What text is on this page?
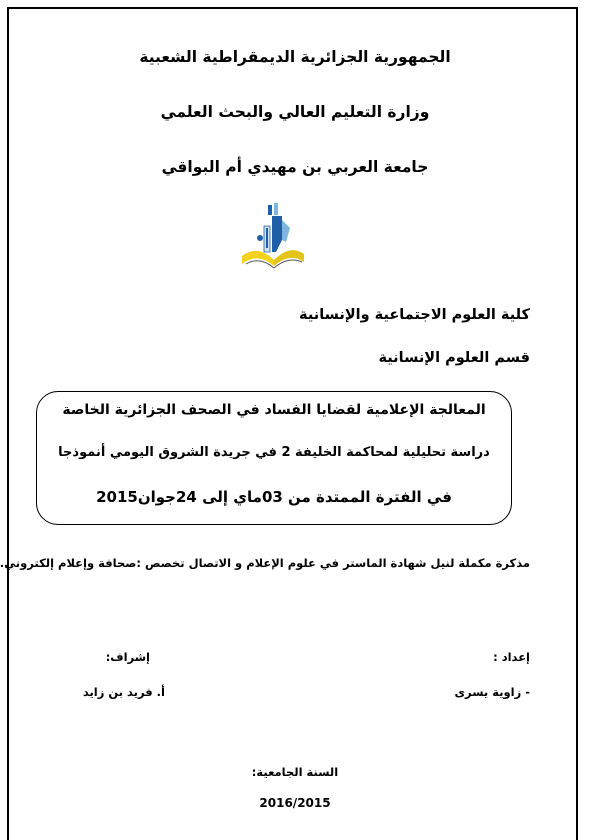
الجمهورية الجزائرية الديمقراطية الشعبية
وزارة التعليم العالي والبحث العلمي
جامعة العربي بن مهيدي أم البواقي
كلية العلوم الاجتماعية والإنسانية
قسم العلوم الإنسانية
المعالجة الإعلامية لقضايا الفساد في الصحف الجزائرية الخاصة
دراسة تحليلية لمحاكمة الخليفة 2 في جريدة الشروق اليومي أنموذجا
في الفترة الممتدة من 03ماي إلى 24جوان2015
مذكرة مكملة لنيل شهادة الماستر في علوم الإعلام و الاتصال تخصص :صحافة وإعلام إلكتروني.
إعداد :
- زاوية يسرى
إشراف:
أ. فريد بن زايد
السنة الجامعية:
2016/2015
